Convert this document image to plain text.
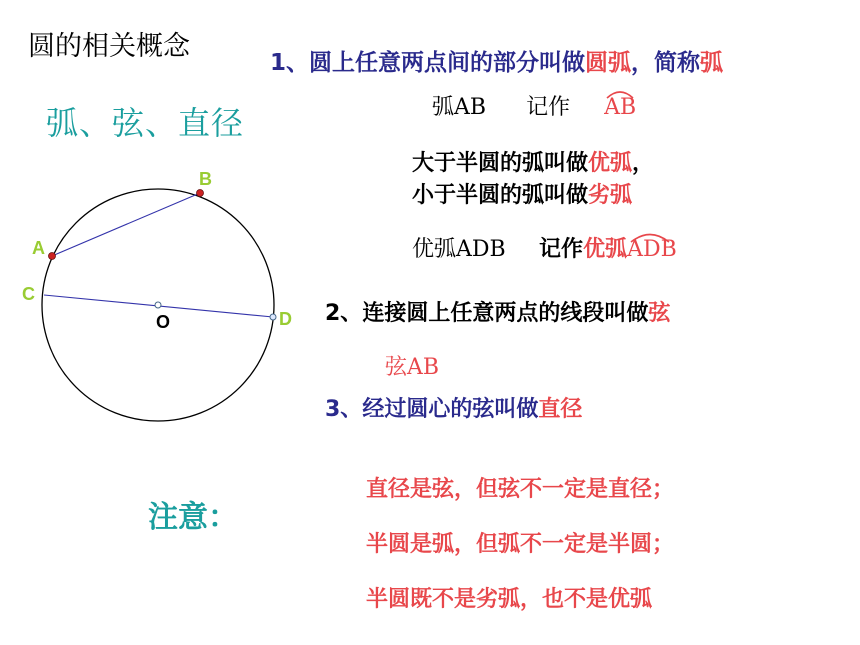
圆的相关概念
弧、弦、直径
1、圆上任意两点间的部分叫做圆弧，简称弧
弧AB 记作 AB
大于半圆的弧叫做优弧，
小于半圆的弧叫做劣弧
优弧ADB 记作优弧
ADB
2、连接圆上任意两点的线段叫做弦
弦AB
3、经过圆心的弦叫做直径
注意：
直径是弦，但弦不一定是直径；
半圆是弧，但弧不一定是半圆；
半圆既不是劣弧，也不是优弧
A
B
C
D
O
